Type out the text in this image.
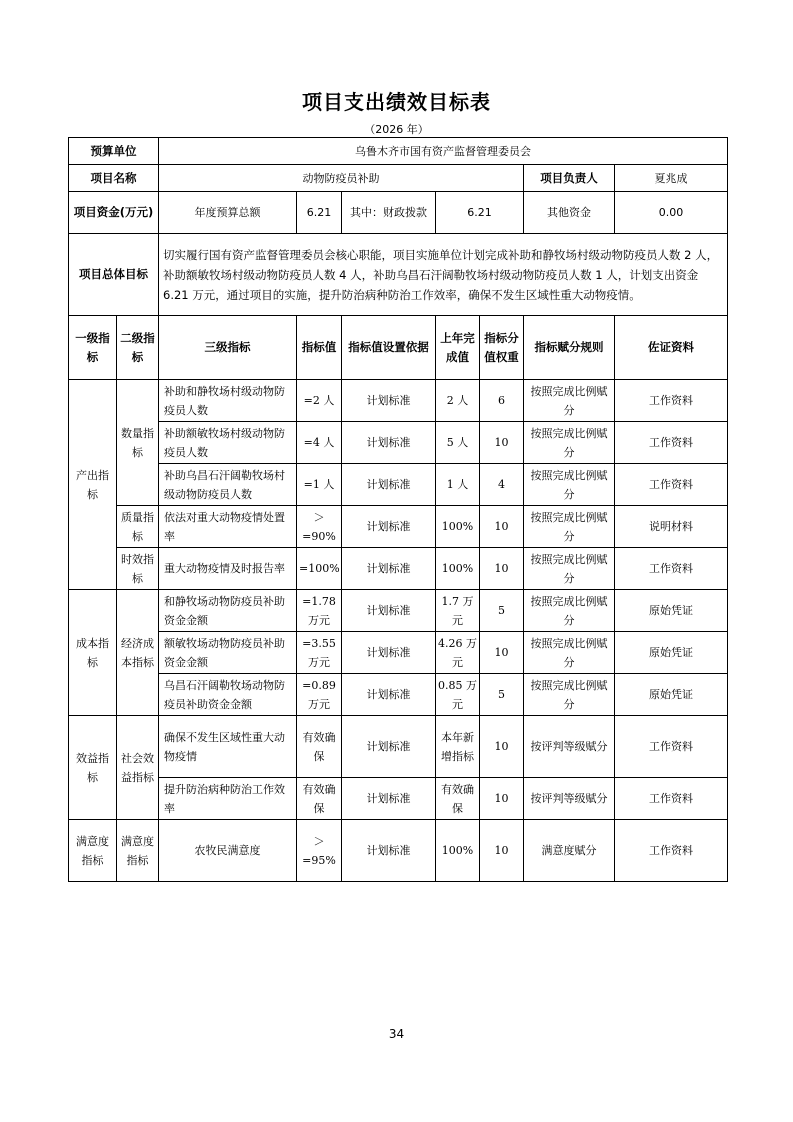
项目支出绩效目标表
（2026 年）
预算单位		乌鲁木齐市国有资产监督管理委员会						
项目名称		动物防疫员补助					项目负责人	夏兆成
项目资金(万元)		年度预算总额	6.21	其中：财政拨款	6.21		其他资金	0.00
项目总体目标		切实履行国有资产监督管理委员会核心职能，项目实施单位计划完成补助和静牧场村级动物防疫员人数 2 人，补助额敏牧场村级动物防疫员人数 4 人，补助乌昌石汗阔勒牧场村级动物防疫员人数 1 人，计划支出资金 6.21 万元，通过项目的实施，提升防治病种防治工作效率，确保不发生区域性重大动物疫情。						
一级指标	二级指标	三级指标	指标值	指标值设置依据	上年完成值	指标分值权重	指标赋分规则	佐证资料
产出指标	数量指标	补助和静牧场村级动物防疫员人数	=2 人	计划标准	2 人	6	按照完成比例赋分	工作资料
		补助额敏牧场村级动物防疫员人数	=4 人	计划标准	5 人	10	按照完成比例赋分	工作资料
		补助乌昌石汗阔勒牧场村级动物防疫员人数	=1 人	计划标准	1 人	4	按照完成比例赋分	工作资料
	质量指标	依法对重大动物疫情处置率	＞=90%	计划标准	100%	10	按照完成比例赋分	说明材料
	时效指标	重大动物疫情及时报告率	=100%	计划标准	100%	10	按照完成比例赋分	工作资料
成本指标	经济成本指标	和静牧场动物防疫员补助资金金额	=1.78 万元	计划标准	1.7 万元	5	按照完成比例赋分	原始凭证
		额敏牧场动物防疫员补助资金金额	=3.55 万元	计划标准	4.26 万元	10	按照完成比例赋分	原始凭证
		乌昌石汗阔勒牧场动物防疫员补助资金金额	=0.89 万元	计划标准	0.85 万元	5	按照完成比例赋分	原始凭证
效益指标	社会效益指标	确保不发生区域性重大动物疫情	有效确保	计划标准	本年新增指标	10	按评判等级赋分	工作资料
		提升防治病种防治工作效率	有效确保	计划标准	有效确保	10	按评判等级赋分	工作资料
满意度指标	满意度指标	农牧民满意度	＞=95%	计划标准	100%	10	满意度赋分	工作资料
34
